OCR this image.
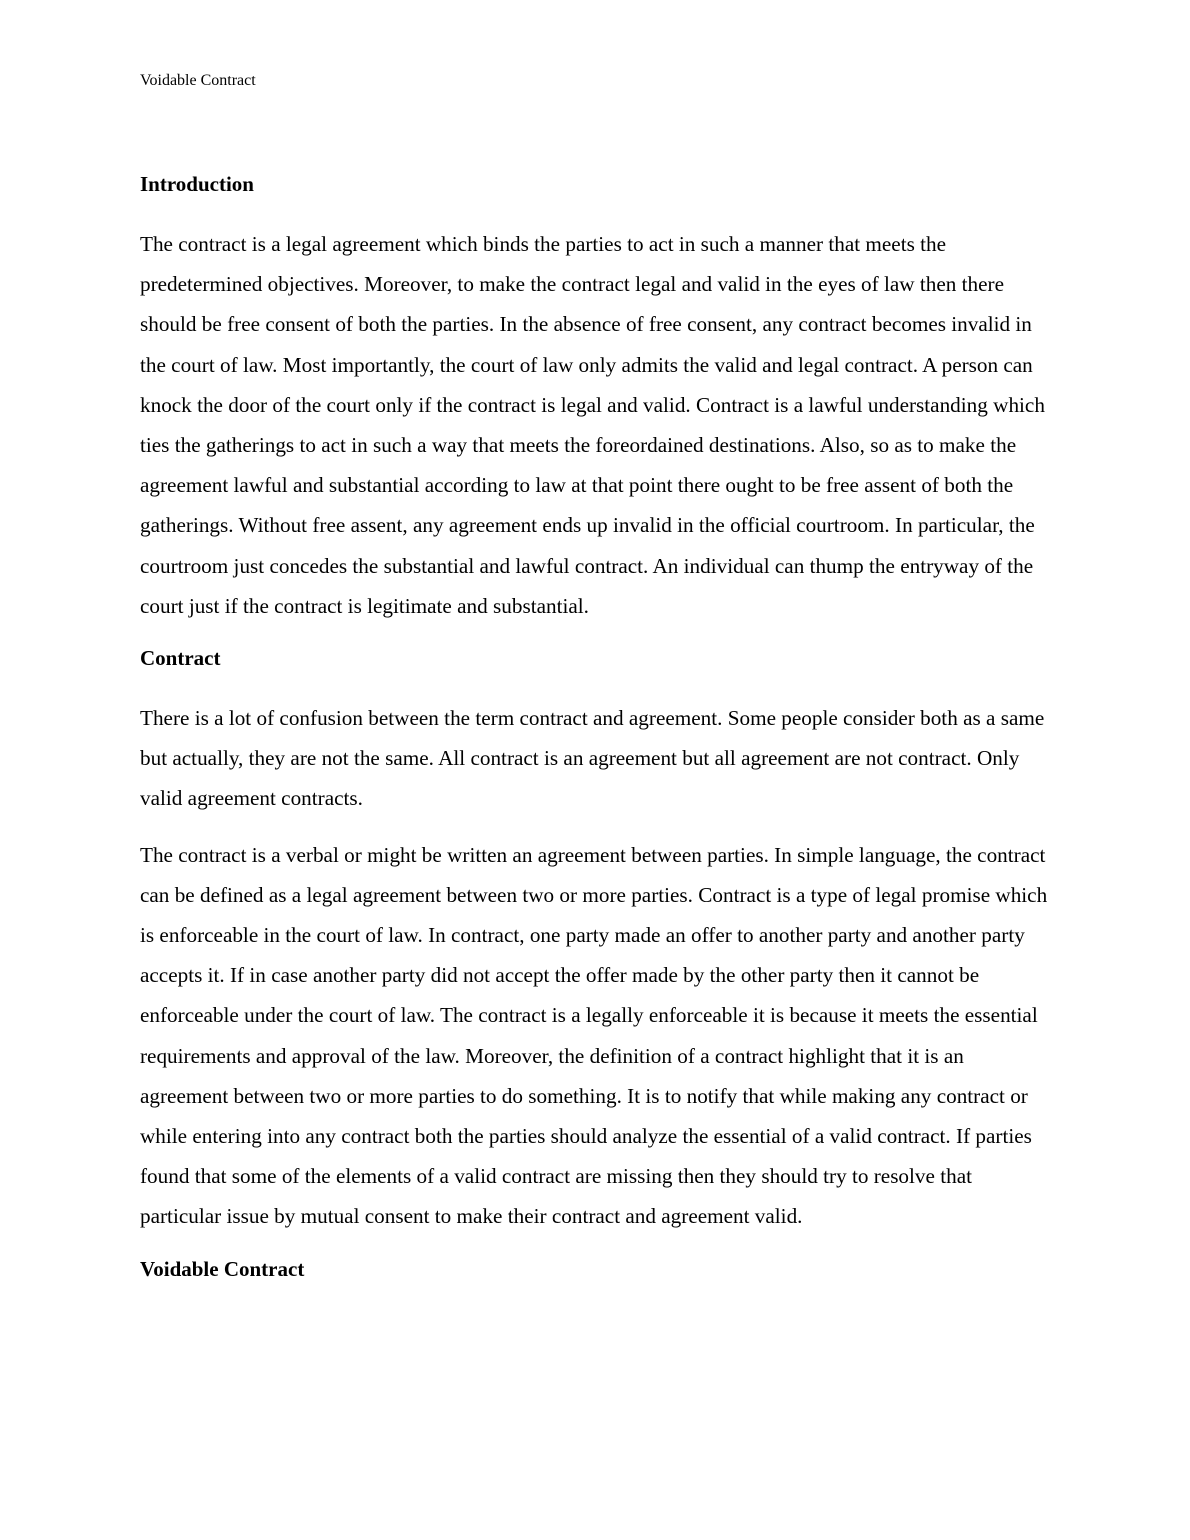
Voidable Contract
Introduction

The contract is a legal agreement which binds the parties to act in such a manner that meets the predetermined objectives. Moreover, to make the contract legal and valid in the eyes of law then there should be free consent of both the parties. In the absence of free consent, any contract becomes invalid in the court of law. Most importantly, the court of law only admits the valid and legal contract. A person can knock the door of the court only if the contract is legal and valid. Contract is a lawful understanding which ties the gatherings to act in such a way that meets the foreordained destinations. Also, so as to make the agreement lawful and substantial according to law at that point there ought to be free assent of both the gatherings. Without free assent, any agreement ends up invalid in the official courtroom. In particular, the courtroom just concedes the substantial and lawful contract. An individual can thump the entryway of the court just if the contract is legitimate and substantial.

Contract

There is a lot of confusion between the term contract and agreement. Some people consider both as a same but actually, they are not the same. All contract is an agreement but all agreement are not contract. Only valid agreement contracts.

The contract is a verbal or might be written an agreement between parties. In simple language, the contract can be defined as a legal agreement between two or more parties. Contract is a type of legal promise which is enforceable in the court of law. In contract, one party made an offer to another party and another party accepts it. If in case another party did not accept the offer made by the other party then it cannot be enforceable under the court of law. The contract is a legally enforceable it is because it meets the essential requirements and approval of the law. Moreover, the definition of a contract highlight that it is an agreement between two or more parties to do something. It is to notify that while making any contract or while entering into any contract both the parties should analyze the essential of a valid contract. If parties found that some of the elements of a valid contract are missing then they should try to resolve that particular issue by mutual consent to make their contract and agreement valid.

Voidable Contract
